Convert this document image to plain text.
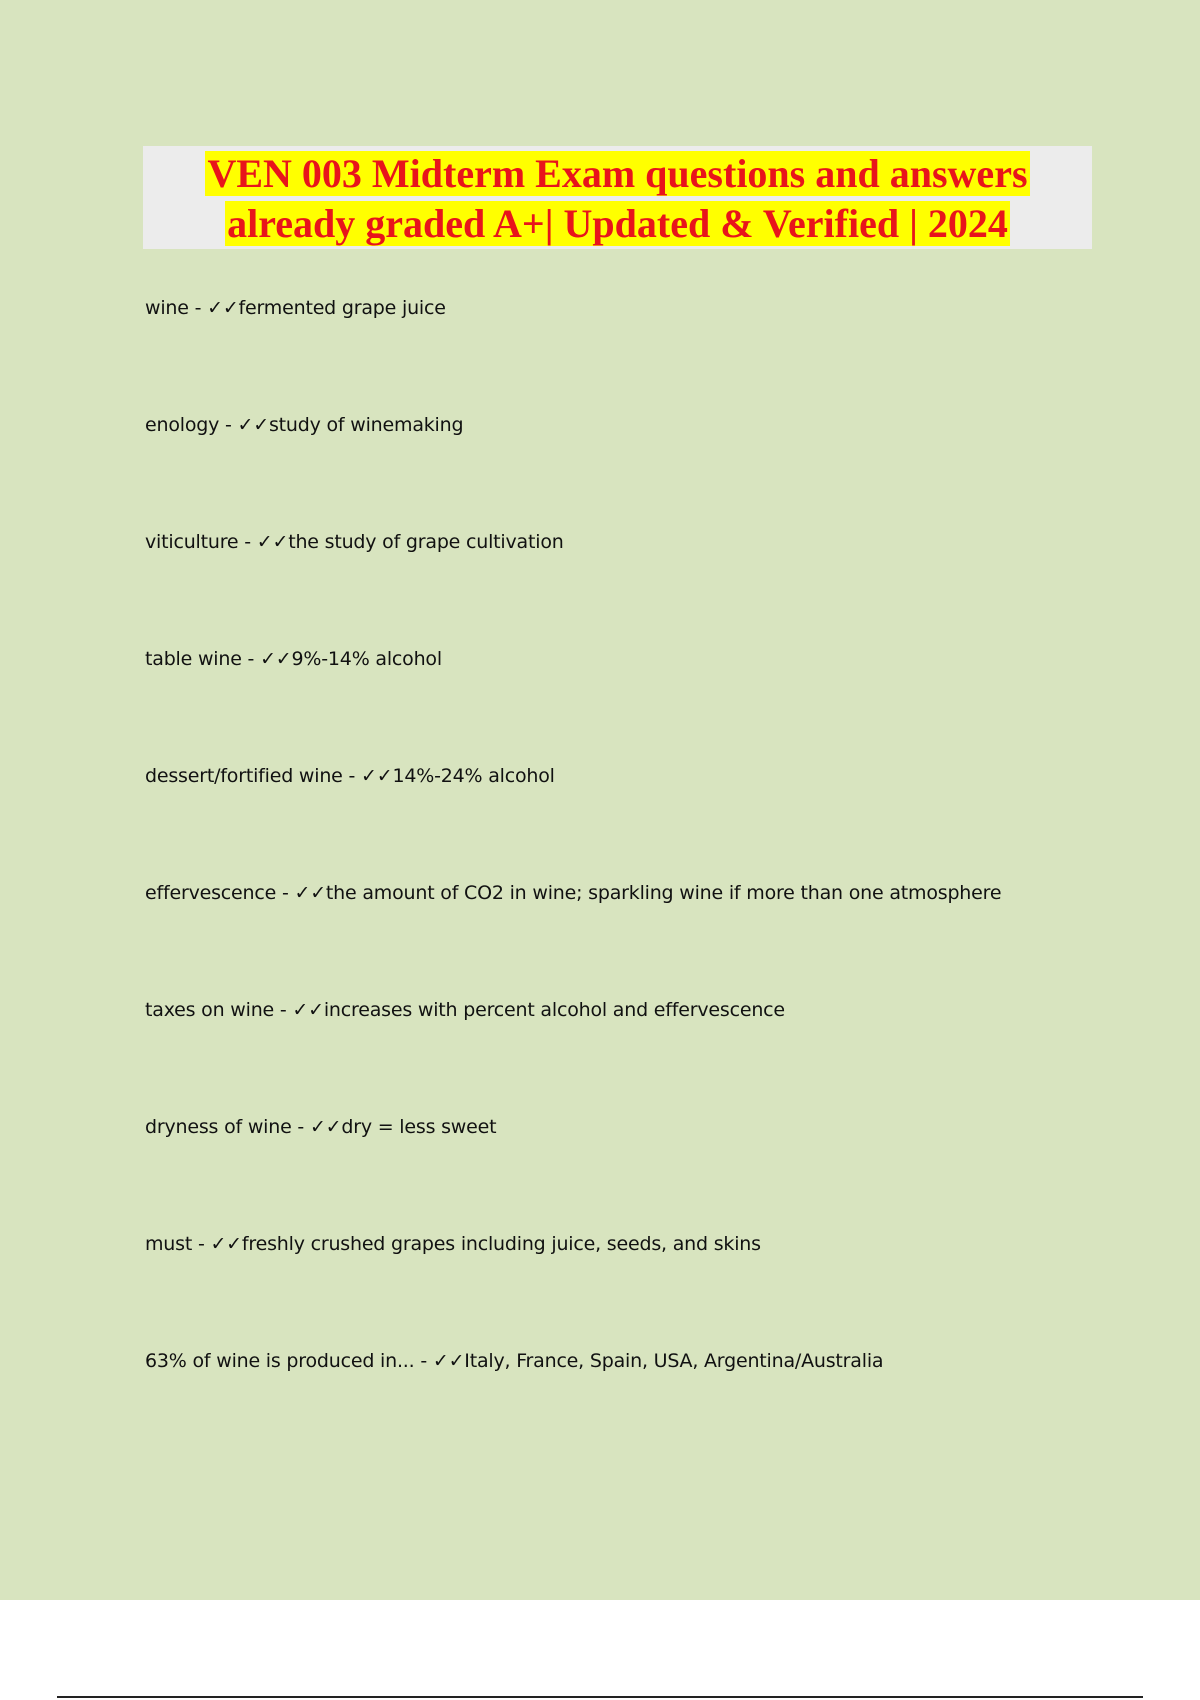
VEN 003 Midterm Exam questions and answers
already graded A+| Updated & Verified | 2024
wine - ✓✓fermented grape juice
enology - ✓✓study of winemaking
viticulture - ✓✓the study of grape cultivation
table wine - ✓✓9%-14% alcohol
dessert/fortified wine - ✓✓14%-24% alcohol
effervescence - ✓✓the amount of CO2 in wine; sparkling wine if more than one atmosphere
taxes on wine - ✓✓increases with percent alcohol and effervescence
dryness of wine - ✓✓dry = less sweet
must - ✓✓freshly crushed grapes including juice, seeds, and skins
63% of wine is produced in... - ✓✓Italy, France, Spain, USA, Argentina/Australia
